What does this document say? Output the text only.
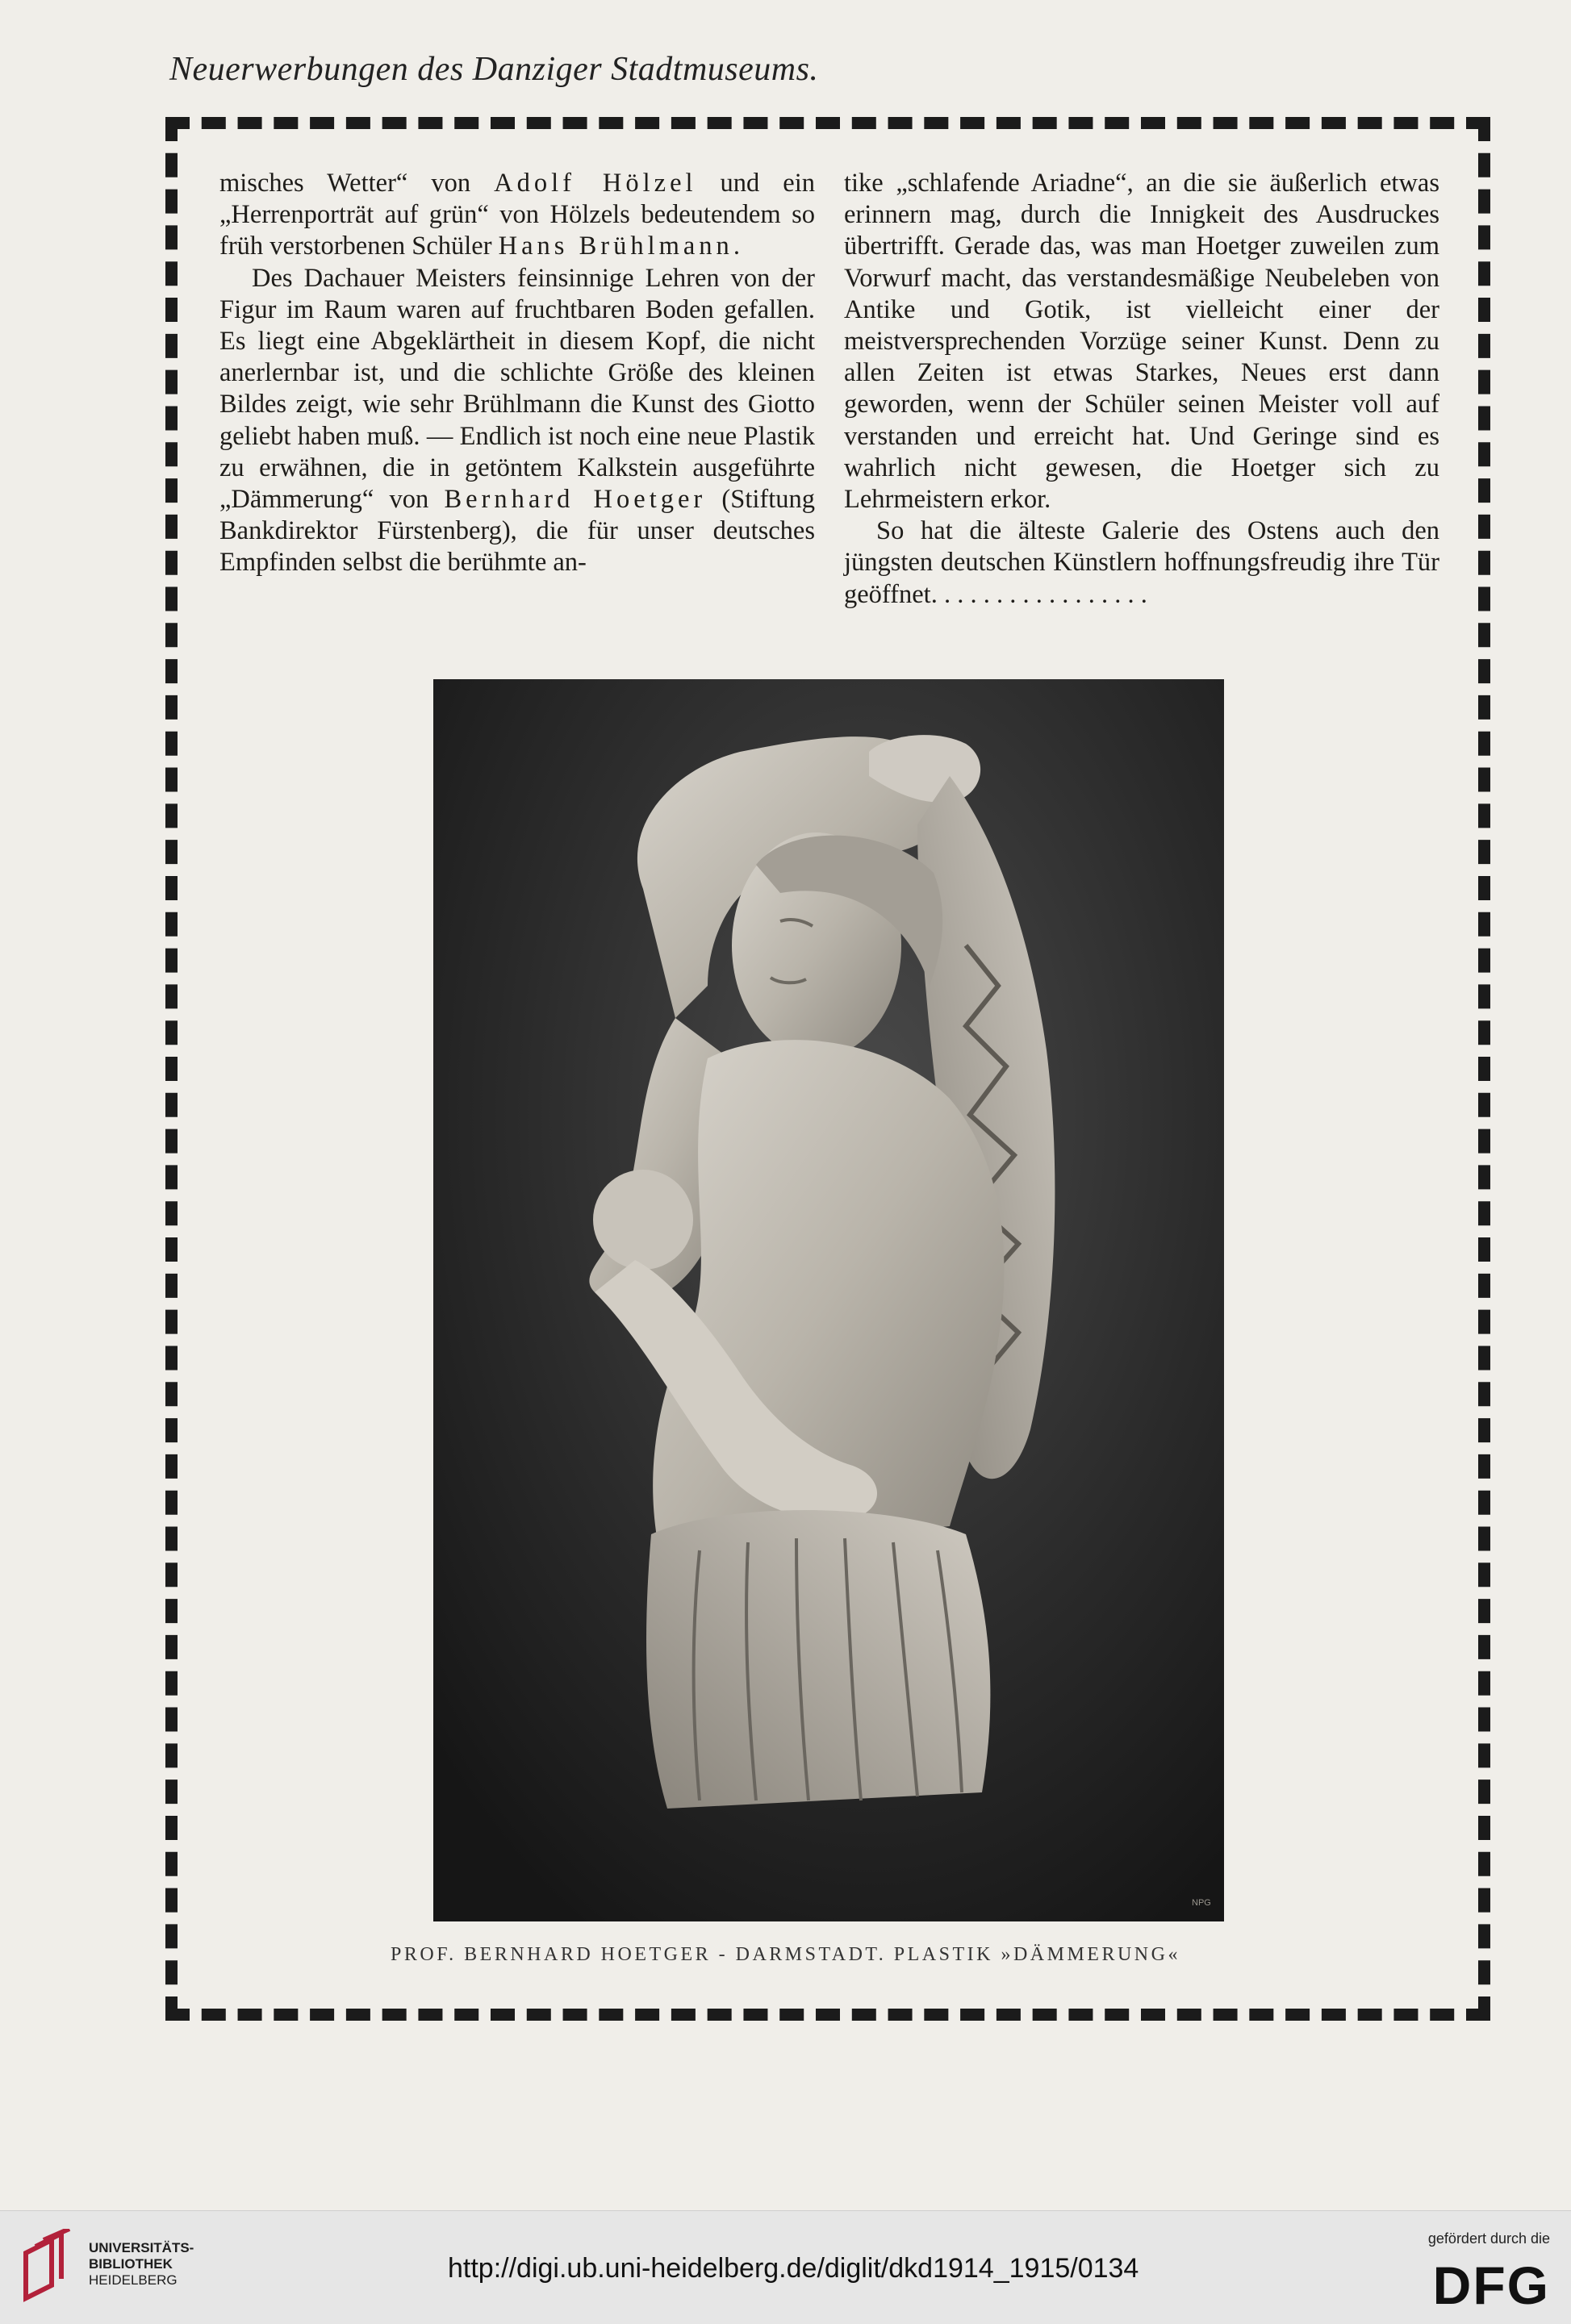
Neuerwerbungen des Danziger Stadtmuseums.

misches Wetter“ von Adolf Hölzel und ein „Herrenporträt auf grün“ von Hölzels bedeutendem so früh verstorbenen Schüler Hans Brühlmann.

Des Dachauer Meisters feinsinnige Lehren von der Figur im Raum waren auf fruchtbaren Boden gefallen. Es liegt eine Abgeklärtheit in diesem Kopf, die nicht anerlernbar ist, und die schlichte Größe des kleinen Bildes zeigt, wie sehr Brühlmann die Kunst des Giotto geliebt haben muß. — Endlich ist noch eine neue Plastik zu erwähnen, die in getöntem Kalkstein ausgeführte „Dämmerung“ von Bernhard Hoetger (Stiftung Bankdirektor Fürstenberg), die für unser deutsches Empfinden selbst die berühmte an-

tike „schlafende Ariadne“, an die sie äußerlich etwas erinnern mag, durch die Innigkeit des Ausdruckes übertrifft. Gerade das, was man Hoetger zuweilen zum Vorwurf macht, das verstandesmäßige Neubeleben von Antike und Gotik, ist vielleicht einer der meistversprechenden Vorzüge seiner Kunst. Denn zu allen Zeiten ist etwas Starkes, Neues erst dann geworden, wenn der Schüler seinen Meister voll auf verstanden und erreicht hat. Und Geringe sind es wahrlich nicht gewesen, die Hoetger sich zu Lehrmeistern erkor.

So hat die älteste Galerie des Ostens auch den jüngsten deutschen Künstlern hoffnungsfreudig ihre Tür geöffnet. . . . . . . . . . . . . . . . .

NPG

PROF. BERNHARD HOETGER - DARMSTADT. PLASTIK »DÄMMERUNG«

UNIVERSITÄTS-
BIBLIOTHEK
HEIDELBERG	http://digi.ub.uni-heidelberg.de/diglit/dkd1914_1915/0134

gefördert durch die
DFG
